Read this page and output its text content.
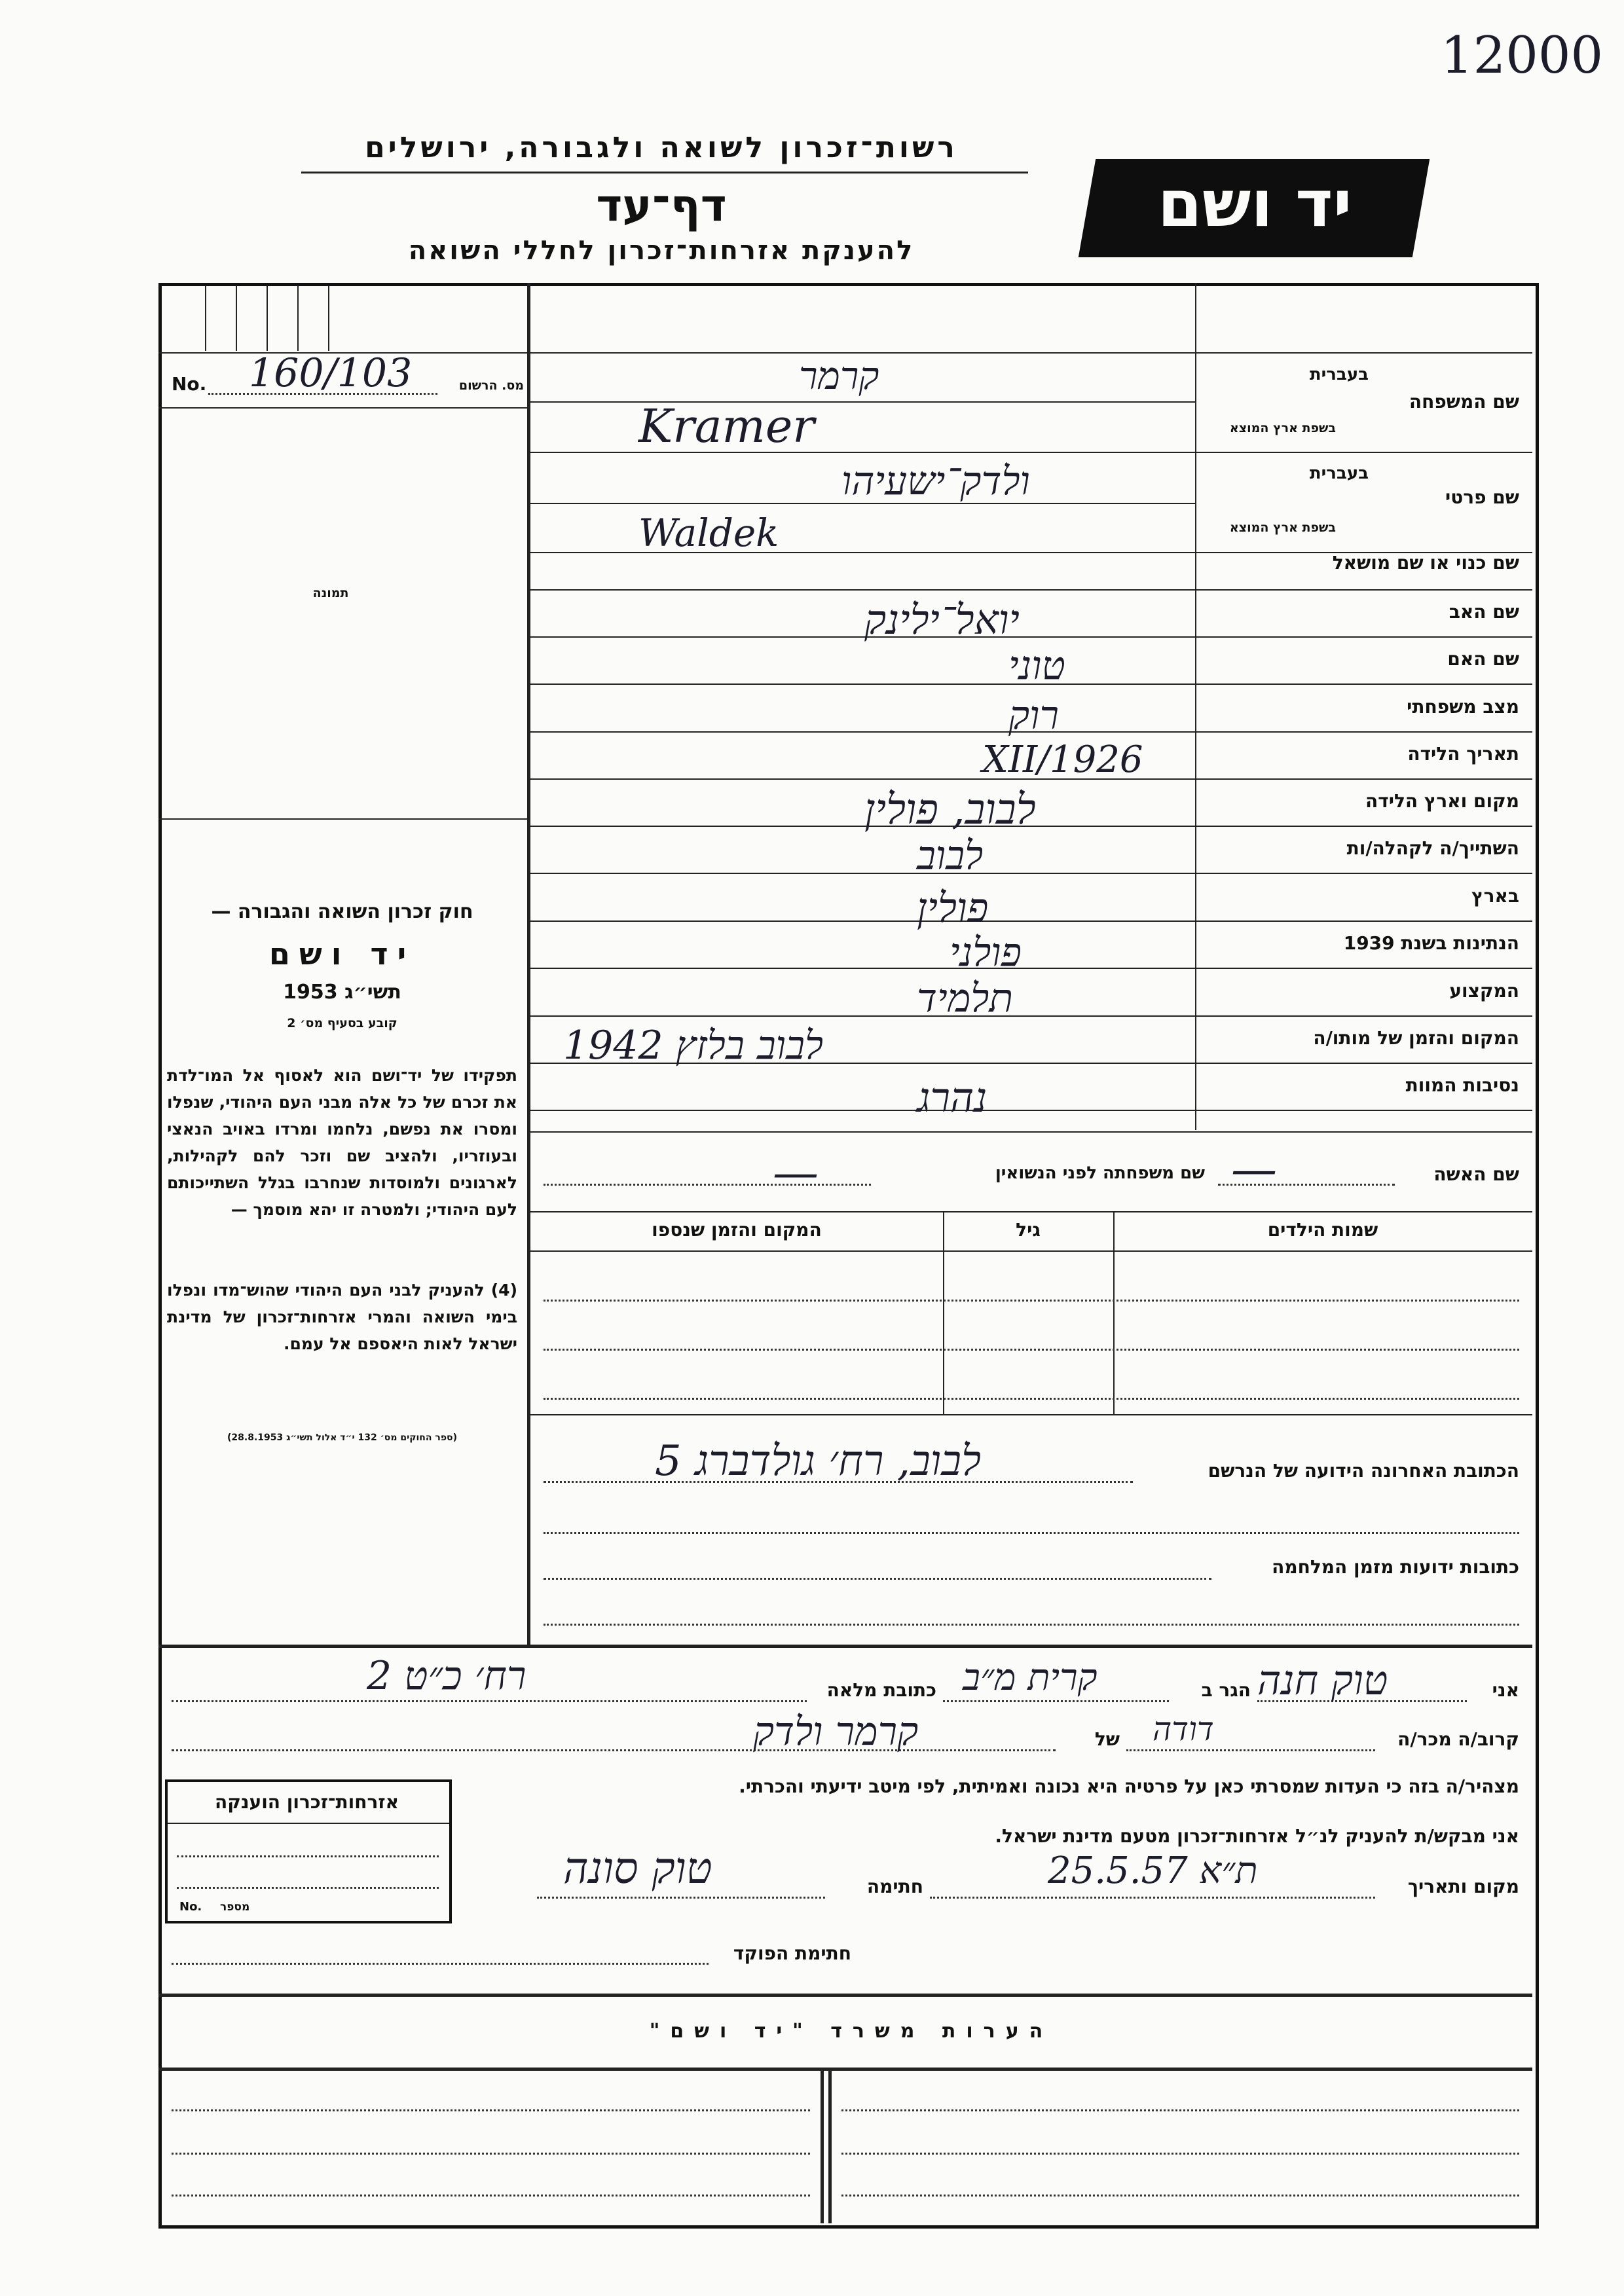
12000
רשות־זכרון לשואה ולגבורה, ירושלים
דף־עד
להענקת אזרחות־זכרון לחללי השואה
יד ושם
No. 160/103	מס. הרשום
תמונה
שם המשפחה
בעברית
בשפת ארץ המוצא
שם פרטי
בעברית
בשפת ארץ המוצא
שם כנוי או שם מושאל
שם האב
שם האם
מצב משפחתי
תאריך הלידה
מקום וארץ הלידה
השתייך/ה לקהלה/ות
בארץ
הנתינות בשנת 1939
המקצוע
המקום והזמן של מותו/ה
נסיבות המוות
קרמר
Kramer
ולדק־ישעיהו
Waldek
יואל־ילינק
טוני
רוק
XII/1926
לבוב, פולין
לבוב
פולין
פולני
תלמיד
1942 לבוב בלזץ
נהרג
שם האשה
—
שם משפחתה לפני הנשואין
—
שמות הילדים
גיל
המקום והזמן שנספו
הכתובת האחרונה הידועה של הנרשם
לבוב, רח׳ גולדברג 5
כתובות ידועות מזמן המלחמה
חוק זכרון השואה והגבורה —
יד ושם
תשי״ג 1953
קובע בסעיף מס׳ 2
תפקידו של יד־ושם הוא לאסוף אל המו־לדת את זכרם של כל אלה מבני העם היהודי, שנפלו ומסרו את נפשם, נלחמו ומרדו באויב הנאצי ובעוזריו, ולהציב שם וזכר להם לקהילות, לארגונים ולמוסדות שנחרבו בגלל השתייכותם לעם היהודי; ולמטרה זו יהא מוסמך —
(4) להעניק לבני העם היהודי שהוש־מדו ונפלו בימי השואה והמרי אזרחות־זכרון של מדינת ישראל לאות היאספם אל עמם.
(ספר החוקים מס׳ 132 י״ד אלול תשי״ג 28.8.1953)
אני
טוק חנה
הגר ב
קרית מ״ב
כתובת מלאה
רח׳ כ״ט 2
קרוב/ה מכר/ה
דודה
של
קרמר ולדק
מצהיר/ה בזה כי העדות שמסרתי כאן על פרטיה היא נכונה ואמיתית, לפי מיטב ידיעתי והכרתי.
אני מבקש/ת להעניק לנ״ל אזרחות־זכרון מטעם מדינת ישראל.
מקום ותאריך
ת״א 25.5.57
חתימה
טוק סונה
חתימת הפוקד
אזרחות־זכרון הוענקה
No. מספר
הערות משרד "יד ושם"
